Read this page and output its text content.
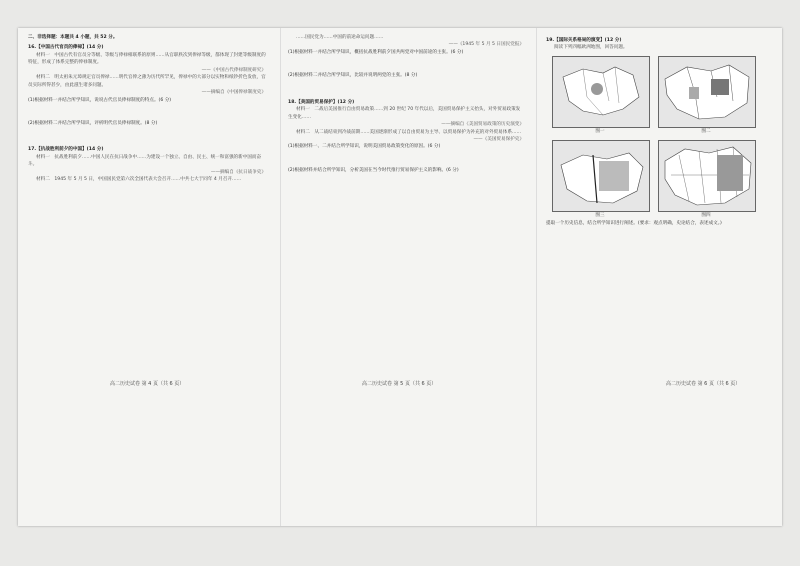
二、非选择题：本题共 4 小题，共 52 分。
16.【中国古代官员的俸禄】(14 分)
材料一　中国古代有官员分等级、等级与俸禄相联系的原则……从官职秩次到俸禄等级，都体现了封建等级制度的特征，形成了体系完整的俸禄制度。
——《中国古代俸禄制度研究》
材料二　明太祖朱元璋规定官员俸禄……明代官俸之薄为历代所罕见，俸禄中的大部分以实物和纸钞折色发放，官员实际所得甚少，由此滋生诸多问题。
——摘编自《中国俸禄制度史》
(1)根据材料一并结合所学知识，说说古代官员俸禄制度的特点。(6 分)
(2)根据材料二并结合所学知识，评析明代官员俸禄制度。(8 分)
17.【抗战胜利前夕的中国】(14 分)
材料一　抗战胜利前夕……中国人民在抗日战争中……为建设一个独立、自由、民主、统一和富强的新中国而奋斗。
——摘编自《抗日战争史》
材料二　1945 年 5 月 5 日，中国国民党第六次全国代表大会召开……中共七大于同年 4 月召开……
……国民党为……中国的前途命运问题……
——《1945 年 5 月 5 日国民党报》
(1)根据材料一并结合所学知识，概括抗战胜利前夕国共两党对中国前途的主张。(6 分)
(2)根据材料二并结合所学知识，比较并说明两党的主张。(8 分)
18.【美国的贸易保护】(12 分)
材料一　二战后美国推行自由贸易政策……到 20 世纪 70 年代以后，美国贸易保护主义抬头，对外贸易政策发生变化……
——摘编自《美国贸易政策的历史演变》
材料二　从二战结束到冷战前期……美国逐渐形成了以自由贸易为主导、以贸易保护为补充的对外贸易体系……
——《美国贸易保护史》
(1)根据材料一、二并结合所学知识，说明美国贸易政策变化的原因。(6 分)
(2)根据材料并结合所学知识，分析美国在当今时代推行贸易保护主义的影响。(6 分)
19.【国际关系格局的演变】(12 分)
阅读下列四幅欧洲地图，回答问题。
图一	图二
图三	图四
提取一个历史信息，结合所学知识进行阐述。(要求：观点明确，史论结合，表述成文。)
高二历史试卷 第 4 页（共 6 页）	高二历史试卷 第 5 页（共 6 页）	高二历史试卷 第 6 页（共 6 页）
